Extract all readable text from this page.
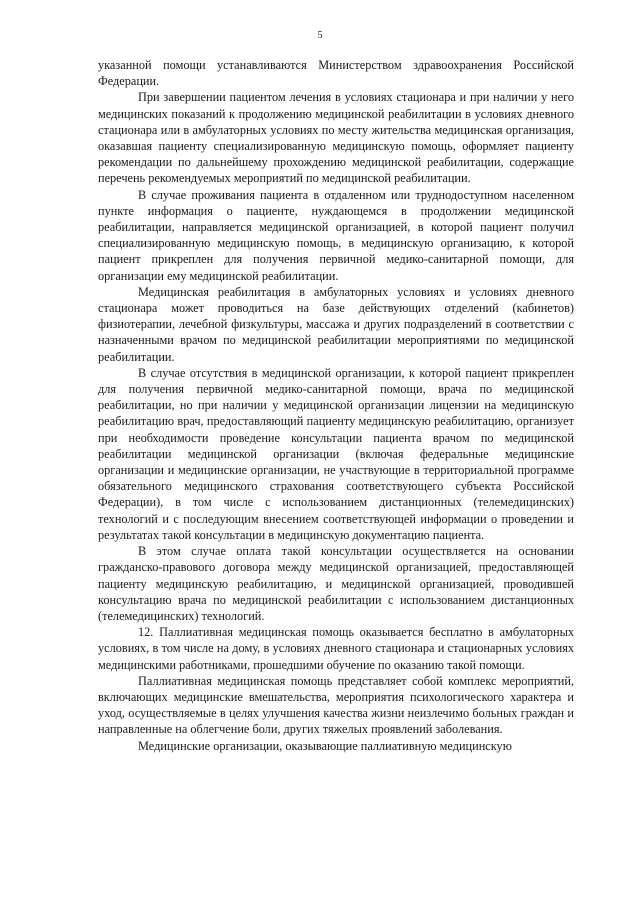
5

указанной помощи устанавливаются Министерством здравоохранения Российской Федерации.

При завершении пациентом лечения в условиях стационара и при наличии у него медицинских показаний к продолжению медицинской реабилитации в условиях дневного стационара или в амбулаторных условиях по месту жительства медицинская организация, оказавшая пациенту специализированную медицинскую помощь, оформляет пациенту рекомендации по дальнейшему прохождению медицинской реабилитации, содержащие перечень рекомендуемых мероприятий по медицинской реабилитации.

В случае проживания пациента в отдаленном или труднодоступном населенном пункте информация о пациенте, нуждающемся в продолжении медицинской реабилитации, направляется медицинской организацией, в которой пациент получил специализированную медицинскую помощь, в медицинскую организацию, к которой пациент прикреплен для получения первичной медико-санитарной помощи, для организации ему медицинской реабилитации.

Медицинская реабилитация в амбулаторных условиях и условиях дневного стационара может проводиться на базе действующих отделений (кабинетов) физиотерапии, лечебной физкультуры, массажа и других подразделений в соответствии с назначенными врачом по медицинской реабилитации мероприятиями по медицинской реабилитации.

В случае отсутствия в медицинской организации, к которой пациент прикреплен для получения первичной медико-санитарной помощи, врача по медицинской реабилитации, но при наличии у медицинской организации лицензии на медицинскую реабилитацию врач, предоставляющий пациенту медицинскую реабилитацию, организует при необходимости проведение консультации пациента врачом по медицинской реабилитации медицинской организации (включая федеральные медицинские организации и медицинские организации, не участвующие в территориальной программе обязательного медицинского страхования соответствующего субъекта Российской Федерации), в том числе с использованием дистанционных (телемедицинских) технологий и с последующим внесением соответствующей информации о проведении и результатах такой консультации в медицинскую документацию пациента.

В этом случае оплата такой консультации осуществляется на основании гражданско-правового договора между медицинской организацией, предоставляющей пациенту медицинскую реабилитацию, и медицинской организацией, проводившей консультацию врача по медицинской реабилитации с использованием дистанционных (телемедицинских) технологий.

12. Паллиативная медицинская помощь оказывается бесплатно в амбулаторных условиях, в том числе на дому, в условиях дневного стационара и стационарных условиях медицинскими работниками, прошедшими обучение по оказанию такой помощи.

Паллиативная медицинская помощь представляет собой комплекс мероприятий, включающих медицинские вмешательства, мероприятия психологического характера и уход, осуществляемые в целях улучшения качества жизни неизлечимо больных граждан и направленные на облегчение боли, других тяжелых проявлений заболевания.

Медицинские организации, оказывающие паллиативную медицинскую
